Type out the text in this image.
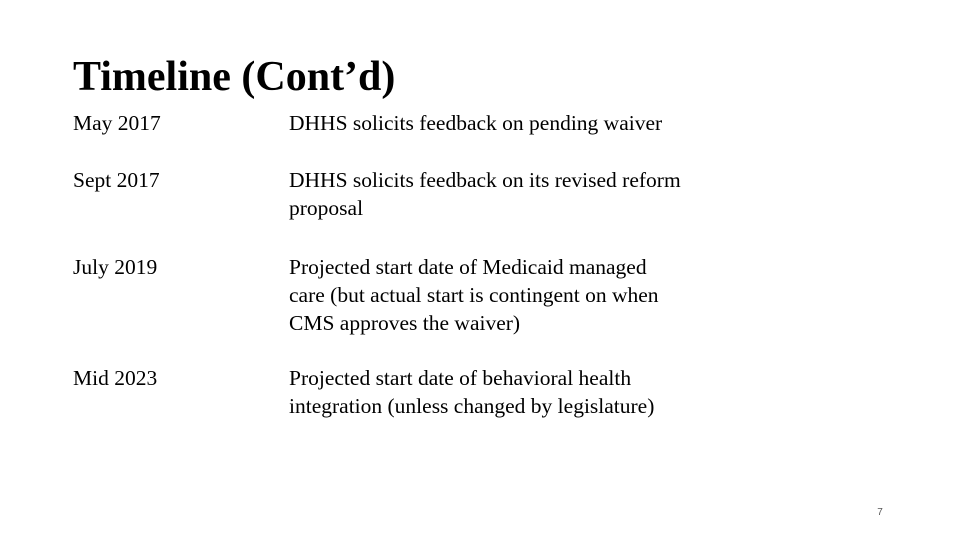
Timeline (Cont’d)
May 2017	DHHS solicits feedback on pending waiver
Sept 2017	DHHS solicits feedback on its revised reform
proposal
July 2019	Projected start date of Medicaid managed
care (but actual start is contingent on when
CMS approves the waiver)
Mid 2023	Projected start date of behavioral health
integration (unless changed by legislature)
7
